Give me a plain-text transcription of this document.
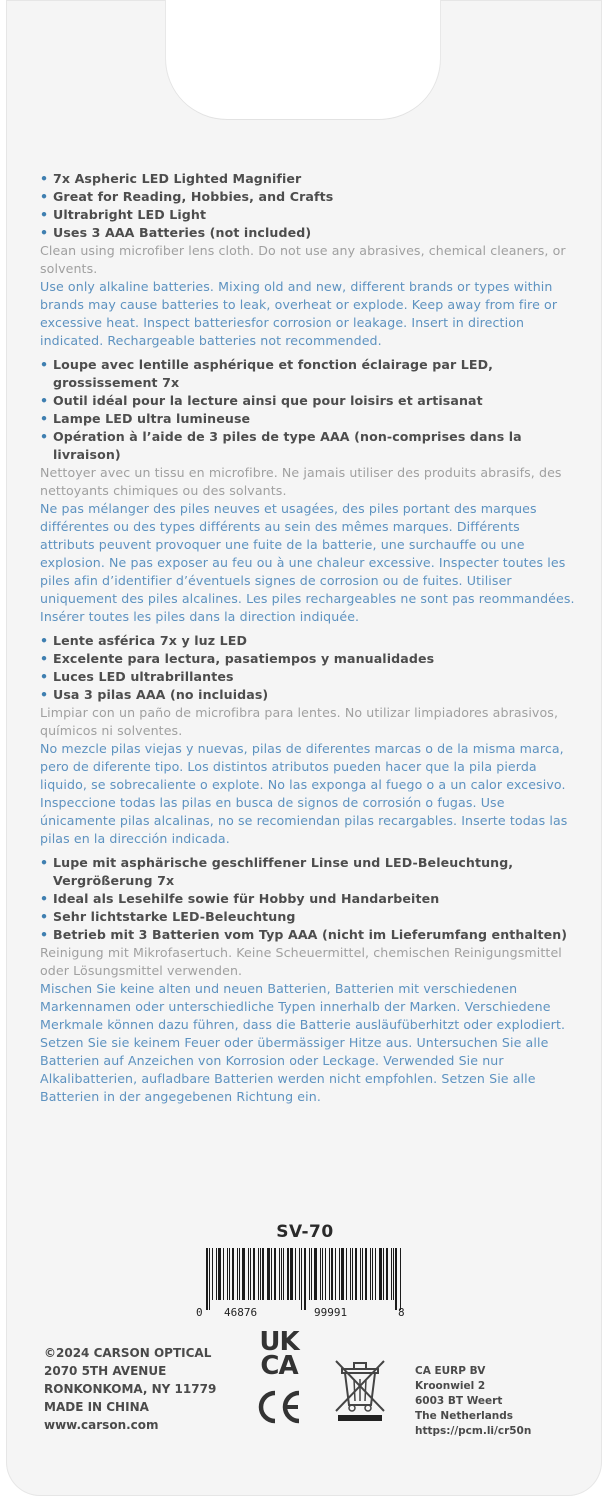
• 7x Aspheric LED Lighted Magnifier
• Great for Reading, Hobbies, and Crafts
• Ultrabright LED Light
• Uses 3 AAA Batteries (not included)
Clean using microfiber lens cloth. Do not use any abrasives, chemical cleaners, or solvents.
Use only alkaline batteries. Mixing old and new, different brands or types within brands may cause batteries to leak, overheat or explode. Keep away from fire or excessive heat. Inspect batteriesfor corrosion or leakage. Insert in direction indicated. Rechargeable batteries not recommended.
• Loupe avec lentille asphérique et fonction éclairage par LED, grossissement 7x
• Outil idéal pour la lecture ainsi que pour loisirs et artisanat
• Lampe LED ultra lumineuse
• Opération à l’aide de 3 piles de type AAA (non-comprises dans la livraison)
Nettoyer avec un tissu en microfibre. Ne jamais utiliser des produits abrasifs, des nettoyants chimiques ou des solvants.
Ne pas mélanger des piles neuves et usagées, des piles portant des marques différentes ou des types différents au sein des mêmes marques. Différents attributs peuvent provoquer une fuite de la batterie, une surchauffe ou une explosion. Ne pas exposer au feu ou à une chaleur excessive. Inspecter toutes les piles afin d’identifier d’éventuels signes de corrosion ou de fuites. Utiliser uniquement des piles alcalines. Les piles rechargeables ne sont pas reommandées. Insérer toutes les piles dans la direction indiquée.
• Lente asférica 7x y luz LED
• Excelente para lectura, pasatiempos y manualidades
• Luces LED ultrabrillantes
• Usa 3 pilas AAA (no incluidas)
Limpiar con un paño de microfibra para lentes. No utilizar limpiadores abrasivos, químicos ni solventes.
No mezcle pilas viejas y nuevas, pilas de diferentes marcas o de la misma marca, pero de diferente tipo. Los distintos atributos pueden hacer que la pila pierda liquido, se sobrecaliente o explote. No las exponga al fuego o a un calor excesivo. Inspeccione todas las pilas en busca de signos de corrosión o fugas. Use únicamente pilas alcalinas, no se recomiendan pilas recargables. Inserte todas las pilas en la dirección indicada.
• Lupe mit asphärische geschliffener Linse und LED-Beleuchtung, Vergrößerung 7x
• Ideal als Lesehilfe sowie für Hobby und Handarbeiten
• Sehr lichtstarke LED-Beleuchtung
• Betrieb mit 3 Batterien vom Typ AAA (nicht im Lieferumfang enthalten)
Reinigung mit Mikrofasertuch. Keine Scheuermittel, chemischen Reinigungsmittel oder Lösungsmittel verwenden.
Mischen Sie keine alten und neuen Batterien, Batterien mit verschiedenen Markennamen oder unterschiedliche Typen innerhalb der Marken. Verschiedene Merkmale können dazu führen, dass die Batterie ausläufüberhitzt oder explodiert. Setzen Sie sie keinem Feuer oder übermässiger Hitze aus. Untersuchen Sie alle Batterien auf Anzeichen von Korrosion oder Leckage. Verwended Sie nur Alkalibatterien, aufladbare Batterien werden nicht empfohlen. Setzen Sie alle Batterien in der angegebenen Richtung ein.
SV-70
0 46876	99991	8
©2024 CARSON OPTICAL
2070 5TH AVENUE
RONKONKOMA, NY 11779
MADE IN CHINA
www.carson.com
UK
CA	CA EURP BV
Kroonwiel 2
6003 BT Weert
The Netherlands
https://pcm.li/cr50n
